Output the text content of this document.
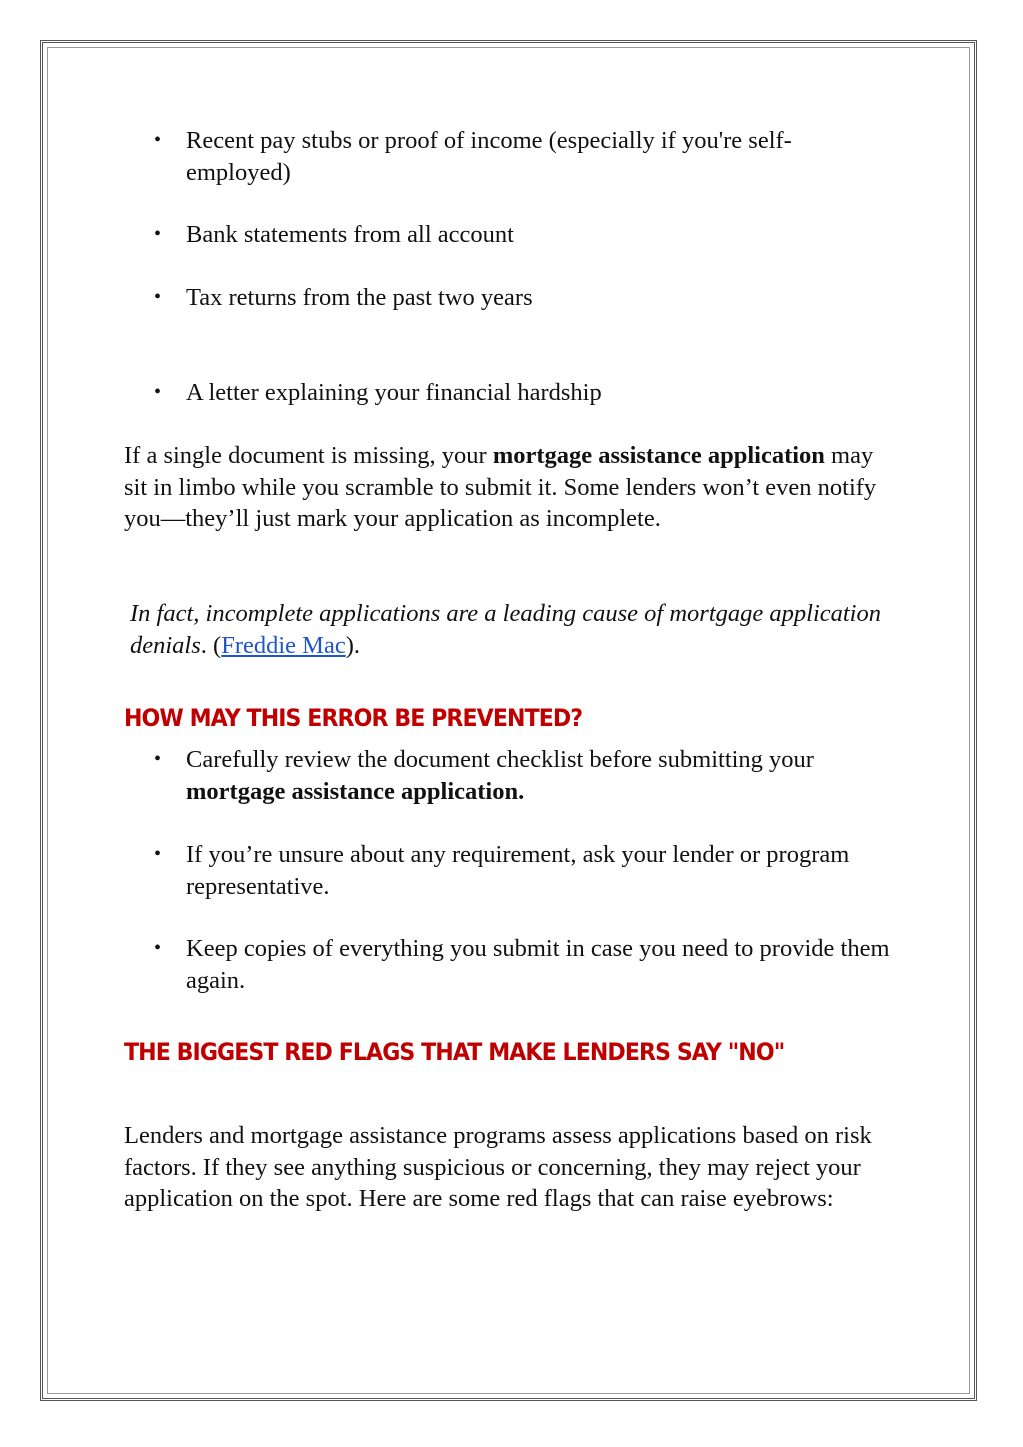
• Recent pay stubs or proof of income (especially if you're self-employed)
• Bank statements from all account
• Tax returns from the past two years
• A letter explaining your financial hardship
If a single document is missing, your mortgage assistance application may sit in limbo while you scramble to submit it. Some lenders won’t even notify you—they’ll just mark your application as incomplete.
In fact, incomplete applications are a leading cause of mortgage application denials. (Freddie Mac).
HOW MAY THIS ERROR BE PREVENTED?
• Carefully review the document checklist before submitting your mortgage assistance application.
• If you’re unsure about any requirement, ask your lender or program representative.
• Keep copies of everything you submit in case you need to provide them again.
THE BIGGEST RED FLAGS THAT MAKE LENDERS SAY "NO"
Lenders and mortgage assistance programs assess applications based on risk factors. If they see anything suspicious or concerning, they may reject your application on the spot. Here are some red flags that can raise eyebrows:
